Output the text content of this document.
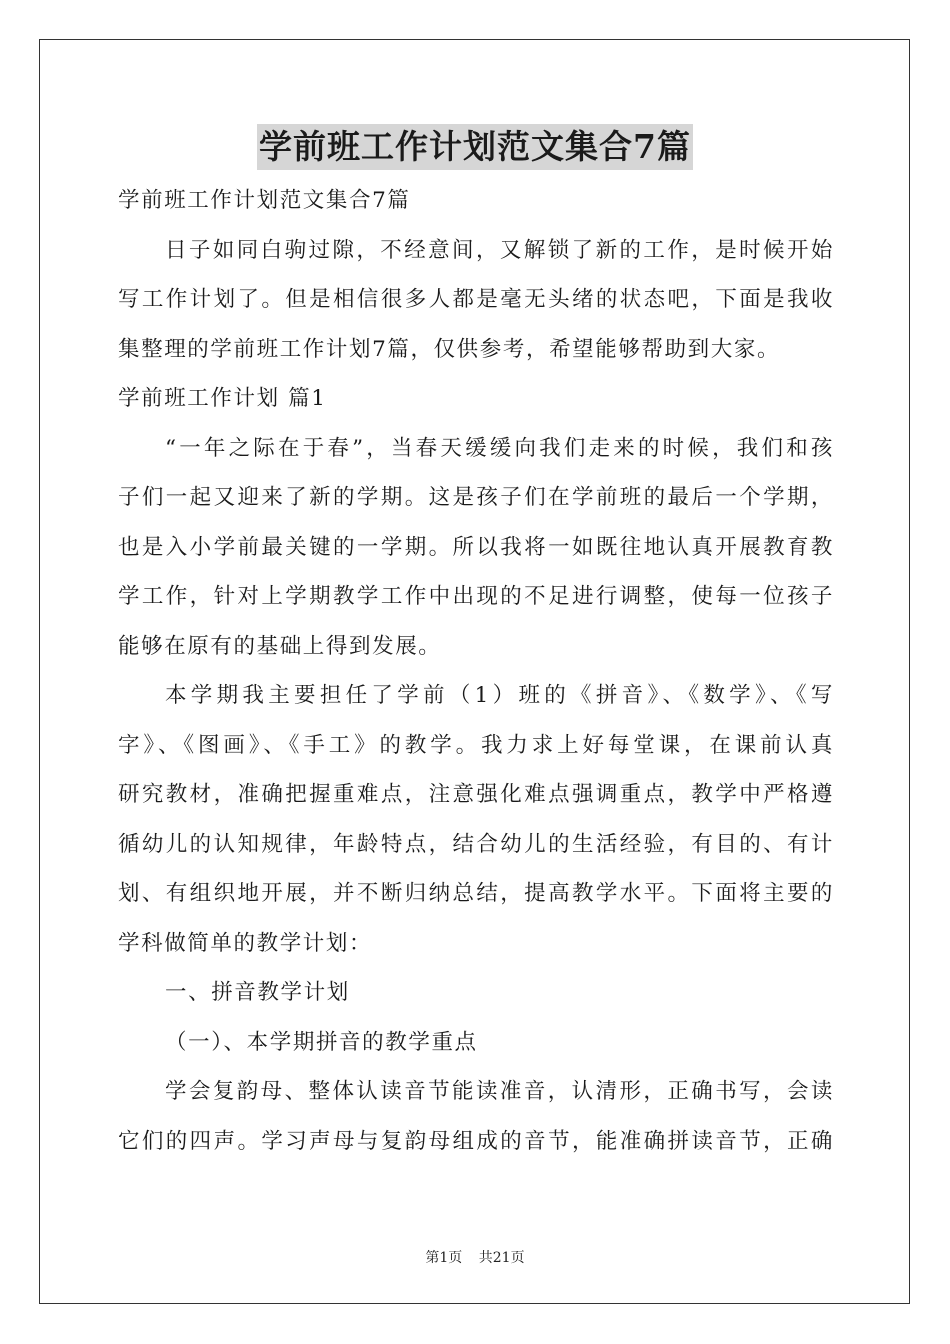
学前班工作计划范文集合7篇
学前班工作计划范文集合7篇
日子如同白驹过隙，不经意间，又解锁了新的工作，是时候开始
写工作计划了。但是相信很多人都是毫无头绪的状态吧，下面是我收
集整理的学前班工作计划7篇，仅供参考，希望能够帮助到大家。
学前班工作计划 篇1
“一年之际在于春”，当春天缓缓向我们走来的时候，我们和孩
子们一起又迎来了新的学期。这是孩子们在学前班的最后一个学期，
也是入小学前最关键的一学期。所以我将一如既往地认真开展教育教
学工作，针对上学期教学工作中出现的不足进行调整，使每一位孩子
能够在原有的基础上得到发展。
本学期我主要担任了学前（1）班的《拼音》、《数学》、《写
字》、《图画》、《手工》的教学。我力求上好每堂课，在课前认真
研究教材，准确把握重难点，注意强化难点强调重点，教学中严格遵
循幼儿的认知规律，年龄特点，结合幼儿的生活经验，有目的、有计
划、有组织地开展，并不断归纳总结，提高教学水平。下面将主要的
学科做简单的教学计划：
一、拼音教学计划
（一）、本学期拼音的教学重点
学会复韵母、整体认读音节能读准音，认清形，正确书写，会读
它们的四声。学习声母与复韵母组成的音节，能准确拼读音节，正确
第1页 共21页
